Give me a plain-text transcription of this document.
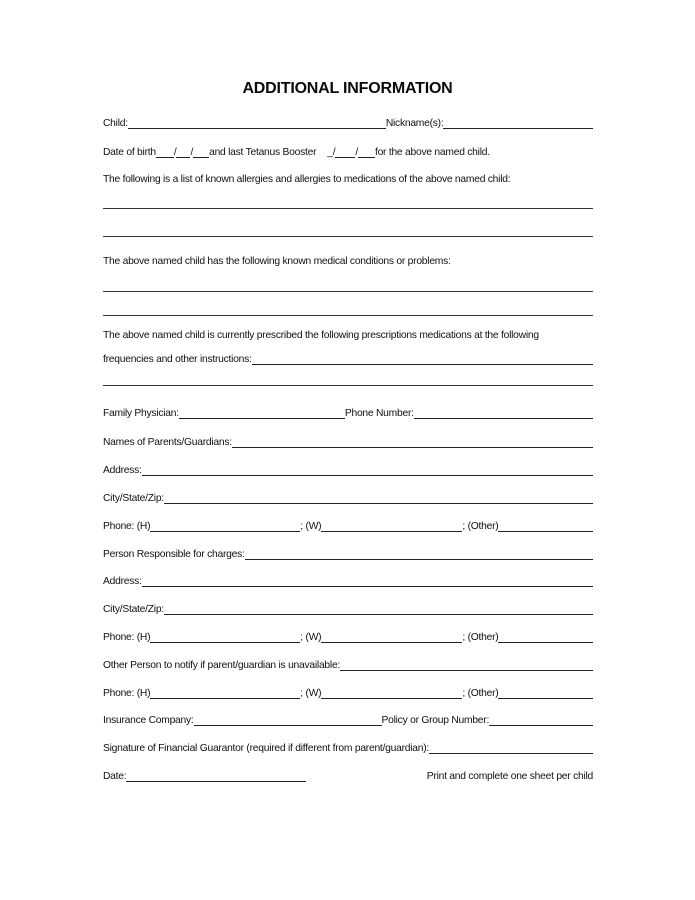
ADDITIONAL INFORMATION
Child:	Nickname(s):
Date of birth / / and last Tetanus Booster _/ / for the above named child.
The following is a list of known allergies and allergies to medications of the above named child:
The above named child has the following known medical conditions or problems:
The above named child is currently prescribed the following prescriptions medications at the following
frequencies and other instructions:
Family Physician:	Phone Number:
Names of Parents/Guardians:
Address:
City/State/Zip:
Phone: (H)	; (W)	; (Other)
Person Responsible for charges:
Address:
City/State/Zip:
Phone: (H)	; (W)	; (Other)
Other Person to notify if parent/guardian is unavailable:
Phone: (H)	; (W)	; (Other)
Insurance Company:	Policy or Group Number:
Signature of Financial Guarantor (required if different from parent/guardian):
Date:	Print and complete one sheet per child
